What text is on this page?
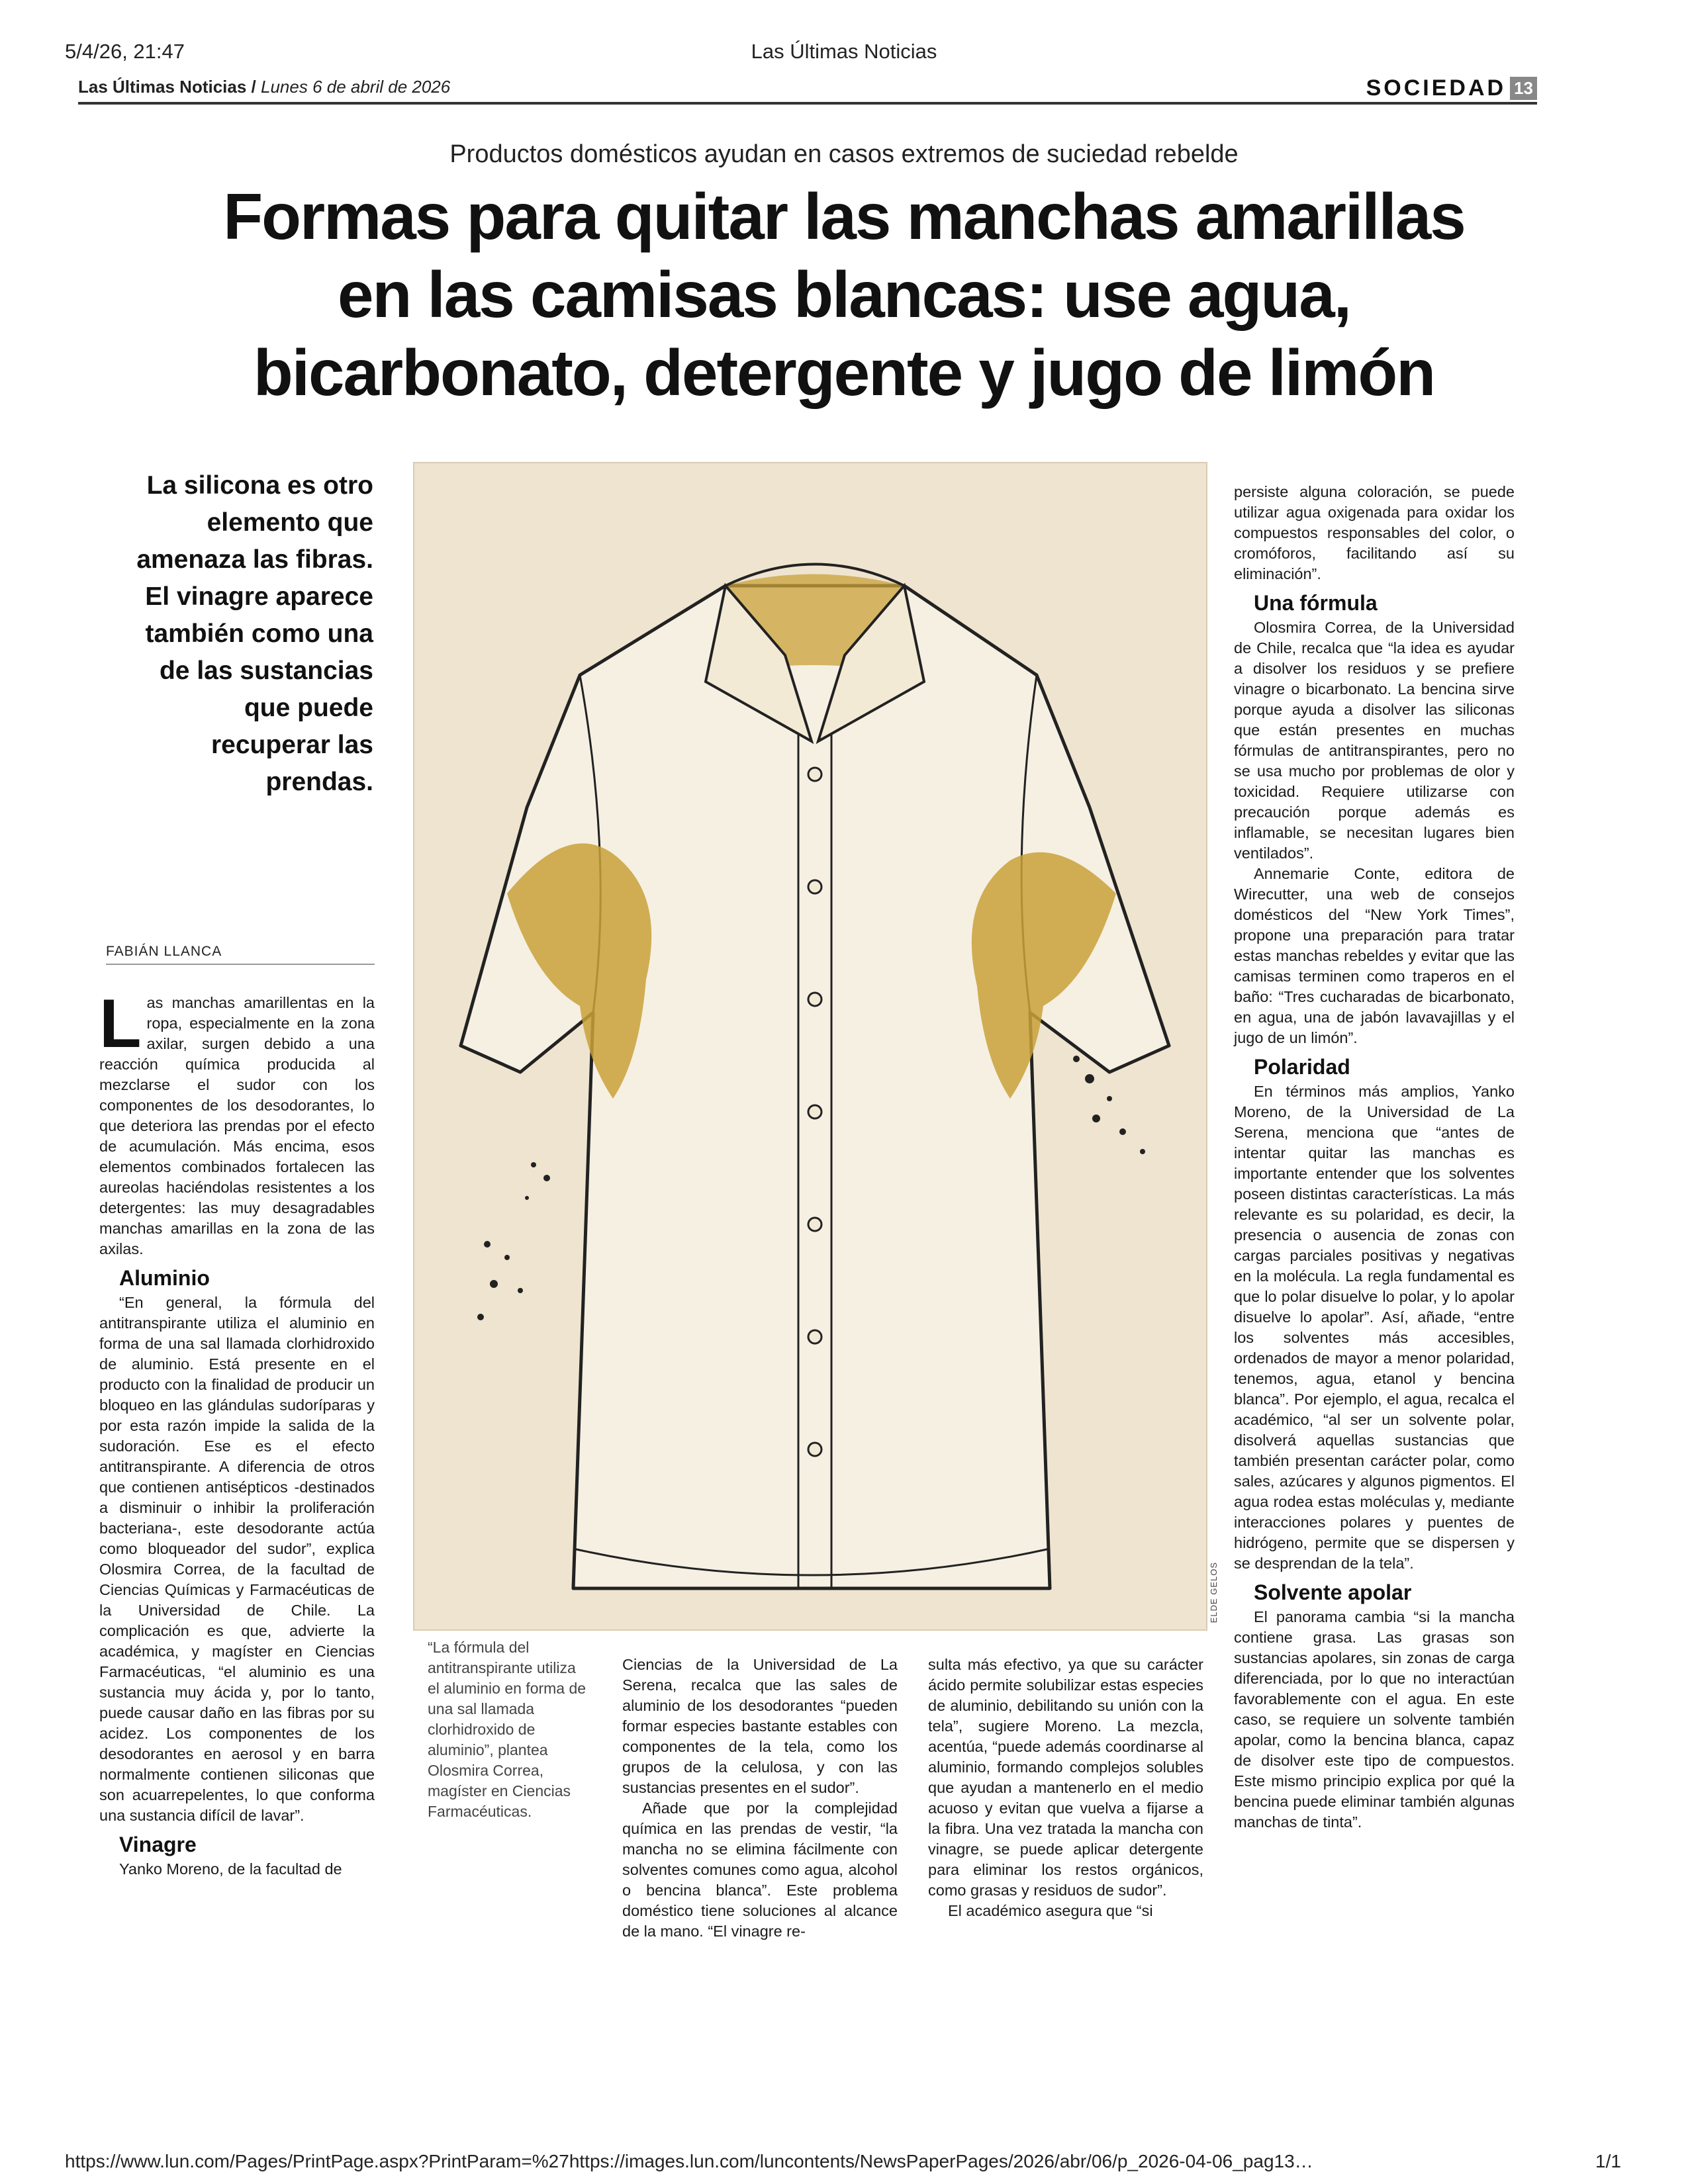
5/4/26, 21:47	Las Últimas Noticias
Las Últimas Noticias / Lunes 6 de abril de 2026	SOCIEDAD 13
Productos domésticos ayudan en casos extremos de suciedad rebelde
Formas para quitar las manchas amarillas
en las camisas blancas: use agua,
bicarbonato, detergente y jugo de limón
La silicona es otro elemento que amenaza las fibras. El vinagre aparece también como una de las sustancias que puede recuperar las prendas.
FABIÁN LLANCA

Las manchas amarillentas en la ropa, especialmente en la zona axilar, surgen debido a una reacción química producida al mezclarse el sudor con los componentes de los desodorantes, lo que deteriora las prendas por el efecto de acumulación. Más encima, esos elementos combinados fortalecen las aureolas haciéndolas resistentes a los detergentes: las muy desagradables manchas amarillas en la zona de las axilas.

Aluminio

“En general, la fórmula del antitranspirante utiliza el aluminio en forma de una sal llamada clorhidroxido de aluminio. Está presente en el producto con la finalidad de producir un bloqueo en las glándulas sudoríparas y por esta razón impide la salida de la sudoración. Ese es el efecto antitranspirante. A diferencia de otros que contienen antisépticos -destinados a disminuir o inhibir la proliferación bacteriana-, este desodorante actúa como bloqueador del sudor”, explica Olosmira Correa, de la facultad de Ciencias Químicas y Farmacéuticas de la Universidad de Chile. La complicación es que, advierte la académica, y magíster en Ciencias Farmacéuticas, “el aluminio es una sustancia muy ácida y, por lo tanto, puede causar daño en las fibras por su acidez. Los componentes de los desodorantes en aerosol y en barra normalmente contienen siliconas que son acuarrepelentes, lo que conforma una sustancia difícil de lavar”.

Vinagre

Yanko Moreno, de la facultad de

ELDE GELOS
“La fórmula del antitranspirante utiliza el aluminio en forma de una sal llamada clorhidroxido de aluminio”, plantea Olosmira Correa, magíster en Ciencias Farmacéuticas.

Ciencias de la Universidad de La Serena, recalca que las sales de aluminio de los desodorantes “pueden formar especies bastante estables con componentes de la tela, como los grupos de la celulosa, y con las sustancias presentes en el sudor”.

Añade que por la complejidad química en las prendas de vestir, “la mancha no se elimina fácilmente con solventes comunes como agua, alcohol o bencina blanca”. Este problema doméstico tiene soluciones al alcance de la mano. “El vinagre re-

sulta más efectivo, ya que su carácter ácido permite solubilizar estas especies de aluminio, debilitando su unión con la tela”, sugiere Moreno. La mezcla, acentúa, “puede además coordinarse al aluminio, formando complejos solubles que ayudan a mantenerlo en el medio acuoso y evitan que vuelva a fijarse a la fibra. Una vez tratada la mancha con vinagre, se puede aplicar detergente para eliminar los restos orgánicos, como grasas y residuos de sudor”.

El académico asegura que “si

persiste alguna coloración, se puede utilizar agua oxigenada para oxidar los compuestos responsables del color, o cromóforos, facilitando así su eliminación”.

Una fórmula

Olosmira Correa, de la Universidad de Chile, recalca que “la idea es ayudar a disolver los residuos y se prefiere vinagre o bicarbonato. La bencina sirve porque ayuda a disolver las siliconas que están presentes en muchas fórmulas de antitranspirantes, pero no se usa mucho por problemas de olor y toxicidad. Requiere utilizarse con precaución porque además es inflamable, se necesitan lugares bien ventilados”.

Annemarie Conte, editora de Wirecutter, una web de consejos domésticos del “New York Times”, propone una preparación para tratar estas manchas rebeldes y evitar que las camisas terminen como traperos en el baño: “Tres cucharadas de bicarbonato, en agua, una de jabón lavavajillas y el jugo de un limón”.

Polaridad

En términos más amplios, Yanko Moreno, de la Universidad de La Serena, menciona que “antes de intentar quitar las manchas es importante entender que los solventes poseen distintas características. La más relevante es su polaridad, es decir, la presencia o ausencia de zonas con cargas parciales positivas y negativas en la molécula. La regla fundamental es que lo polar disuelve lo polar, y lo apolar disuelve lo apolar”. Así, añade, “entre los solventes más accesibles, ordenados de mayor a menor polaridad, tenemos, agua, etanol y bencina blanca”. Por ejemplo, el agua, recalca el académico, “al ser un solvente polar, disolverá aquellas sustancias que también presentan carácter polar, como sales, azúcares y algunos pigmentos. El agua rodea estas moléculas y, mediante interacciones polares y puentes de hidrógeno, permite que se dispersen y se desprendan de la tela”.

Solvente apolar

El panorama cambia “si la mancha contiene grasa. Las grasas son sustancias apolares, sin zonas de carga diferenciada, por lo que no interactúan favorablemente con el agua. En este caso, se requiere un solvente también apolar, como la bencina blanca, capaz de disolver este tipo de compuestos. Este mismo principio explica por qué la bencina puede eliminar también algunas manchas de tinta”.

https://www.lun.com/Pages/PrintPage.aspx?PrintParam=%27https://images.lun.com/luncontents/NewsPaperPages/2026/abr/06/p_2026-04-06_pag13…	1/1
